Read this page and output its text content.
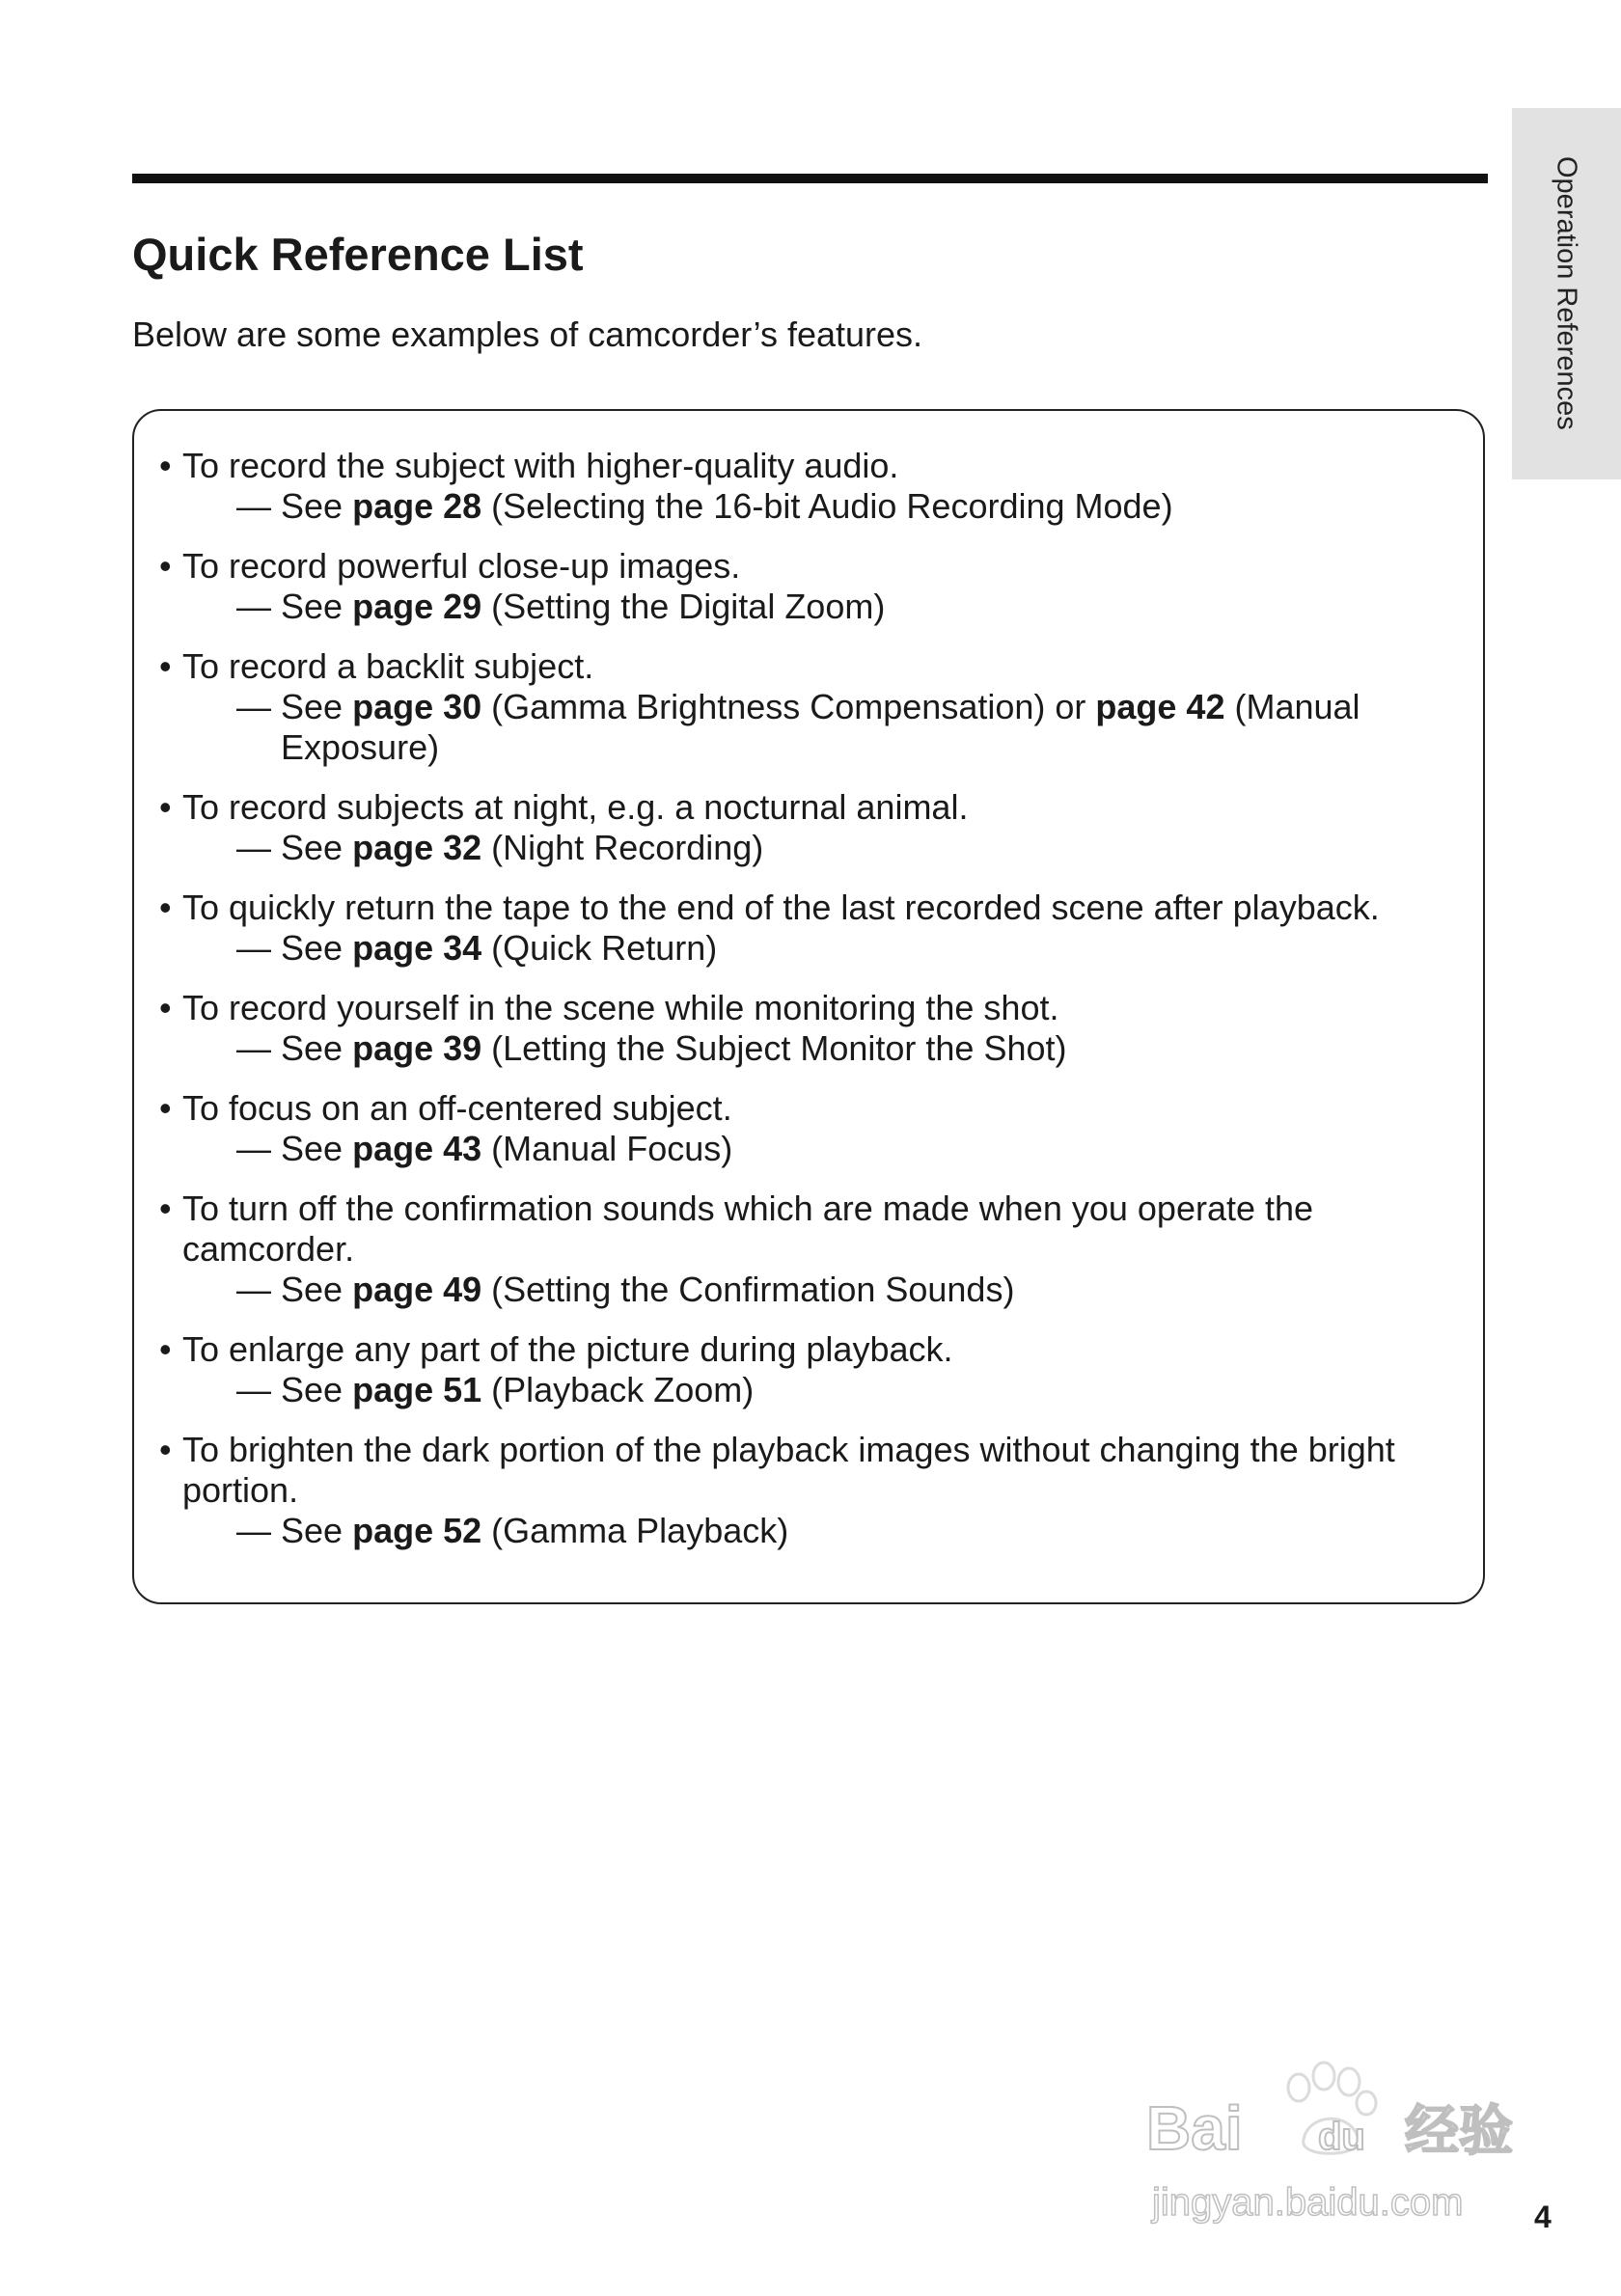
Quick Reference List
Below are some examples of camcorder’s features.	Operation References
• To record the subject with higher-quality audio.
— See page 28 (Selecting the 16-bit Audio Recording Mode)
• To record powerful close-up images.
— See page 29 (Setting the Digital Zoom)
• To record a backlit subject.
— See page 30 (Gamma Brightness Compensation) or page 42 (Manual Exposure)
• To record subjects at night, e.g. a nocturnal animal.
— See page 32 (Night Recording)
• To quickly return the tape to the end of the last recorded scene after playback.
— See page 34 (Quick Return)
• To record yourself in the scene while monitoring the shot.
— See page 39 (Letting the Subject Monitor the Shot)
• To focus on an off-centered subject.
— See page 43 (Manual Focus)
• To turn off the confirmation sounds which are made when you operate the camcorder.
— See page 49 (Setting the Confirmation Sounds)
• To enlarge any part of the picture during playback.
— See page 51 (Playback Zoom)
• To brighten the dark portion of the playback images without changing the bright portion.
— See page 52 (Gamma Playback)
Bai du 经验
jingyan.baidu.com 4
